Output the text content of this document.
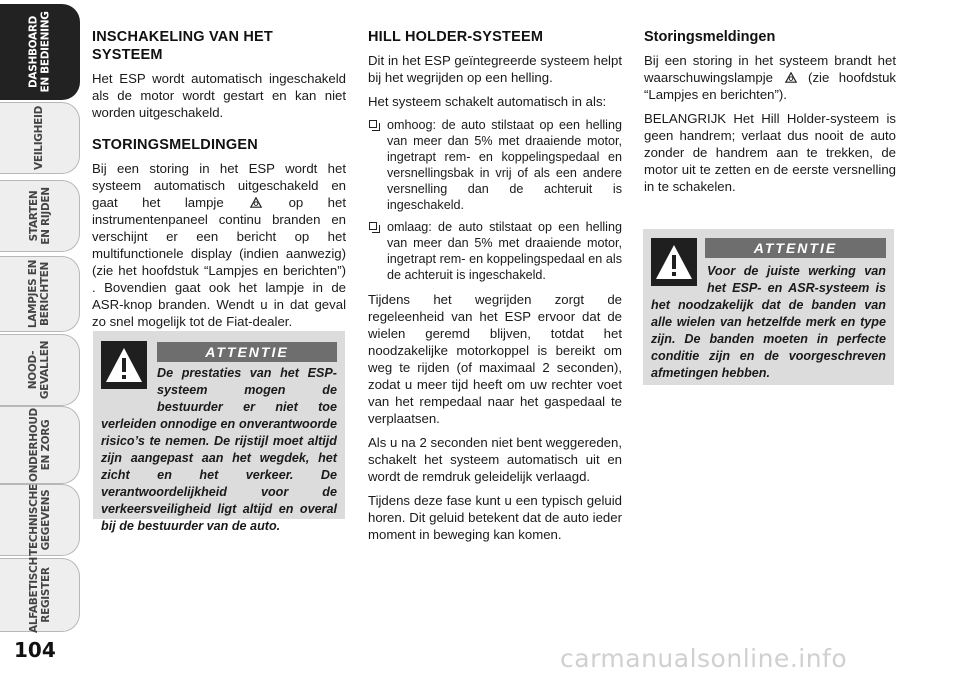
DASHBOARD
EN BEDIENING
VEILIGHEID
STARTEN
EN RIJDEN
LAMPJES EN
BERICHTEN
NOOD-
GEVALLEN
ONDERHOUD
EN ZORG
TECHNISCHE
GEGEVENS
ALFABETISCH
REGISTER
104
INSCHAKELING VAN HET SYSTEEM

Het ESP wordt automatisch ingeschakeld als de motor wordt gestart en kan niet worden uitgeschakeld.

STORINGSMELDINGEN

Bij een storing in het ESP wordt het systeem automatisch uitgeschakeld en gaat het lampje	op het instrumentenpaneel continu branden en verschijnt er een bericht op het multifunctionele display (indien aanwezig) (zie het hoofdstuk “Lampjes en berichten”) . Bovendien gaat ook het lampje in de ASR-knop branden. Wendt u in dat geval zo snel mogelijk tot de Fiat-dealer.

ATTENTIE

De prestaties van het ESP-systeem mogen de bestuurder er niet toe verleiden onnodige en onverantwoorde risico’s te nemen. De rijstijl moet altijd zijn aangepast aan het wegdek, het zicht en het verkeer. De verantwoordelijkheid voor de verkeersveiligheid ligt altijd en overal bij de bestuurder van de auto.

HILL HOLDER-SYSTEEM

Dit in het ESP geïntegreerde systeem helpt bij het wegrijden op een helling.

Het systeem schakelt automatisch in als:

omhoog: de auto stilstaat op een helling van meer dan 5% met draaiende motor, ingetrapt rem- en koppelingspedaal en versnellingsbak in vrij of als een andere versnelling dan de achteruit is ingeschakeld.
omlaag: de auto stilstaat op een helling van meer dan 5% met draaiende motor, ingetrapt rem- en koppelingspedaal en als de achteruit is ingeschakeld.

Tijdens het wegrijden zorgt de regeleenheid van het ESP ervoor dat de wielen geremd blijven, totdat het noodzakelijke motorkoppel is bereikt om weg te rijden (of maximaal 2 seconden), zodat u meer tijd heeft om uw rechter voet van het rempedaal naar het gaspedaal te verplaatsen.

Als u na 2 seconden niet bent weggereden, schakelt het systeem automatisch uit en wordt de remdruk geleidelijk verlaagd.

Tijdens deze fase kunt u een typisch geluid horen. Dit geluid betekent dat de auto ieder moment in beweging kan komen.

Storingsmeldingen

Bij een storing in het systeem brandt het waarschuwingslampje	(zie hoofdstuk “Lampjes en berichten”).

BELANGRIJK Het Hill Holder-systeem is geen handrem; verlaat dus nooit de auto zonder de handrem aan te trekken, de motor uit te zetten en de eerste versnelling in te schakelen.

ATTENTIE

Voor de juiste werking van het ESP- en ASR-systeem is het noodzakelijk dat de banden van alle wielen van hetzelfde merk en type zijn. De banden moeten in perfecte conditie zijn en de voorgeschreven afmetingen hebben.

carmanualsonline.info
